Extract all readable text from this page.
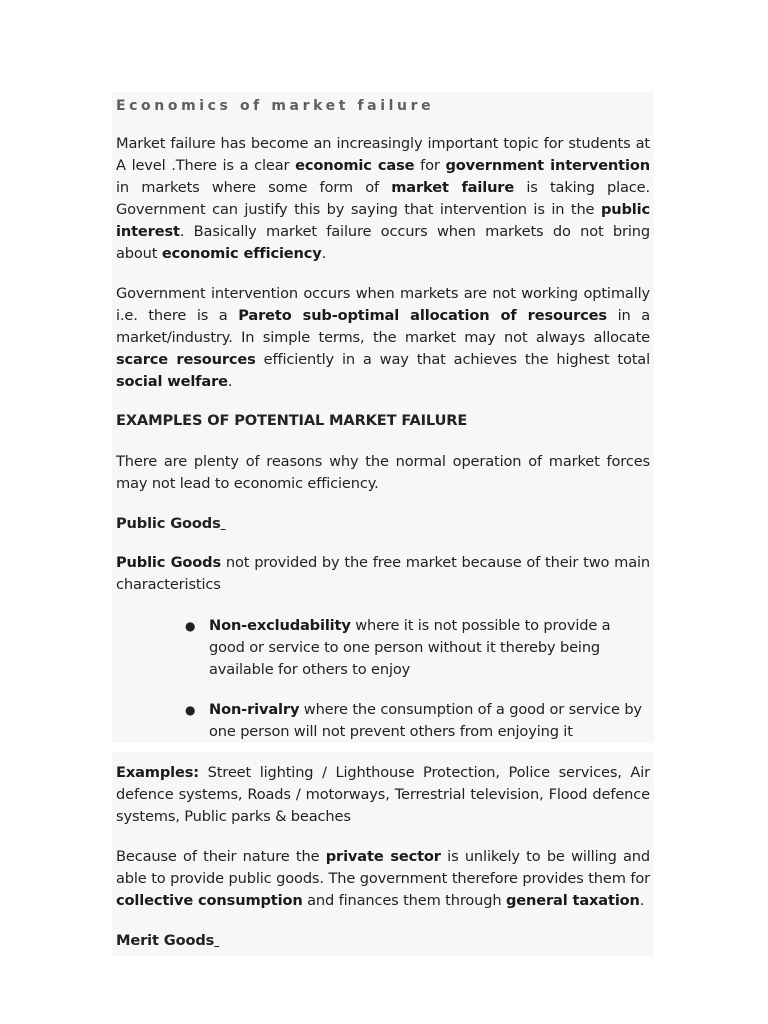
Economics of market failure

Market failure has become an increasingly important topic for students at A level .There is a clear economic case for government intervention in markets where some form of market failure is taking place. Government can justify this by saying that intervention is in the public interest. Basically market failure occurs when markets do not bring about economic efficiency.

Government intervention occurs when markets are not working optimally i.e. there is a Pareto sub-optimal allocation of resources in a market/industry. In simple terms, the market may not always allocate scarce resources efficiently in a way that achieves the highest total social welfare.

EXAMPLES OF POTENTIAL MARKET FAILURE

There are plenty of reasons why the normal operation of market forces may not lead to economic efficiency.

Public Goods

Public Goods not provided by the free market because of their two main characteristics

● Non-excludability where it is not possible to provide a good or service to one person without it thereby being available for others to enjoy
● Non-rivalry where the consumption of a good or service by one person will not prevent others from enjoying it

Examples: Street lighting / Lighthouse Protection, Police services, Air defence systems, Roads / motorways, Terrestrial television, Flood defence systems, Public parks & beaches

Because of their nature the private sector is unlikely to be willing and able to provide public goods. The government therefore provides them for collective consumption and finances them through general taxation.

Merit Goods
